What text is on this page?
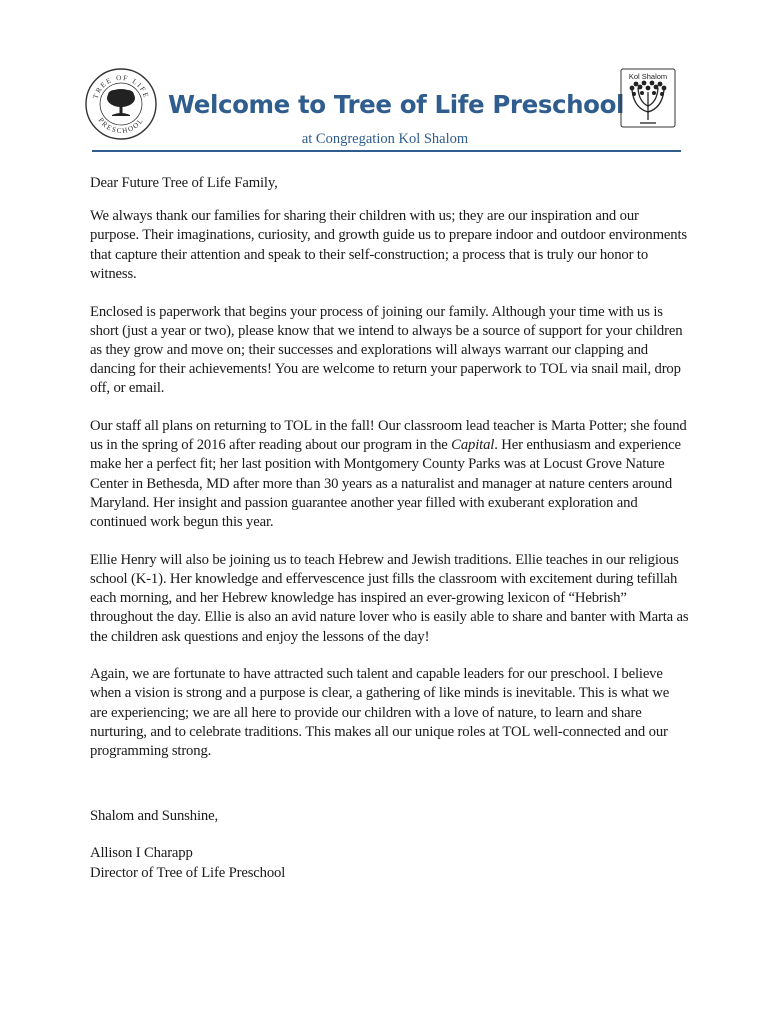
TREE OF LIFE
PRESCHOOL
Welcome to Tree of Life Preschool
at Congregation Kol Shalom
Kol Shalom

Dear Future Tree of Life Family,

We always thank our families for sharing their children with us; they are our inspiration and our purpose. Their imaginations, curiosity, and growth guide us to prepare indoor and outdoor environments that capture their attention and speak to their self-construction; a process that is truly our honor to witness.

Enclosed is paperwork that begins your process of joining our family. Although your time with us is short (just a year or two), please know that we intend to always be a source of support for your children as they grow and move on; their successes and explorations will always warrant our clapping and dancing for their achievements! You are welcome to return your paperwork to TOL via snail mail, drop off, or email.

Our staff all plans on returning to TOL in the fall! Our classroom lead teacher is Marta Potter; she found us in the spring of 2016 after reading about our program in the Capital. Her enthusiasm and experience make her a perfect fit; her last position with Montgomery County Parks was at Locust Grove Nature Center in Bethesda, MD after more than 30 years as a naturalist and manager at nature centers around Maryland. Her insight and passion guarantee another year filled with exuberant exploration and continued work begun this year.

Ellie Henry will also be joining us to teach Hebrew and Jewish traditions. Ellie teaches in our religious school (K-1). Her knowledge and effervescence just fills the classroom with excitement during tefillah each morning, and her Hebrew knowledge has inspired an ever-growing lexicon of “Hebrish” throughout the day. Ellie is also an avid nature lover who is easily able to share and banter with Marta as the children ask questions and enjoy the lessons of the day!

Again, we are fortunate to have attracted such talent and capable leaders for our preschool. I believe when a vision is strong and a purpose is clear, a gathering of like minds is inevitable. This is what we are experiencing; we are all here to provide our children with a love of nature, to learn and share nurturing, and to celebrate traditions. This makes all our unique roles at TOL well-connected and our programming strong.

Shalom and Sunshine,

Allison I Charapp

Director of Tree of Life Preschool
